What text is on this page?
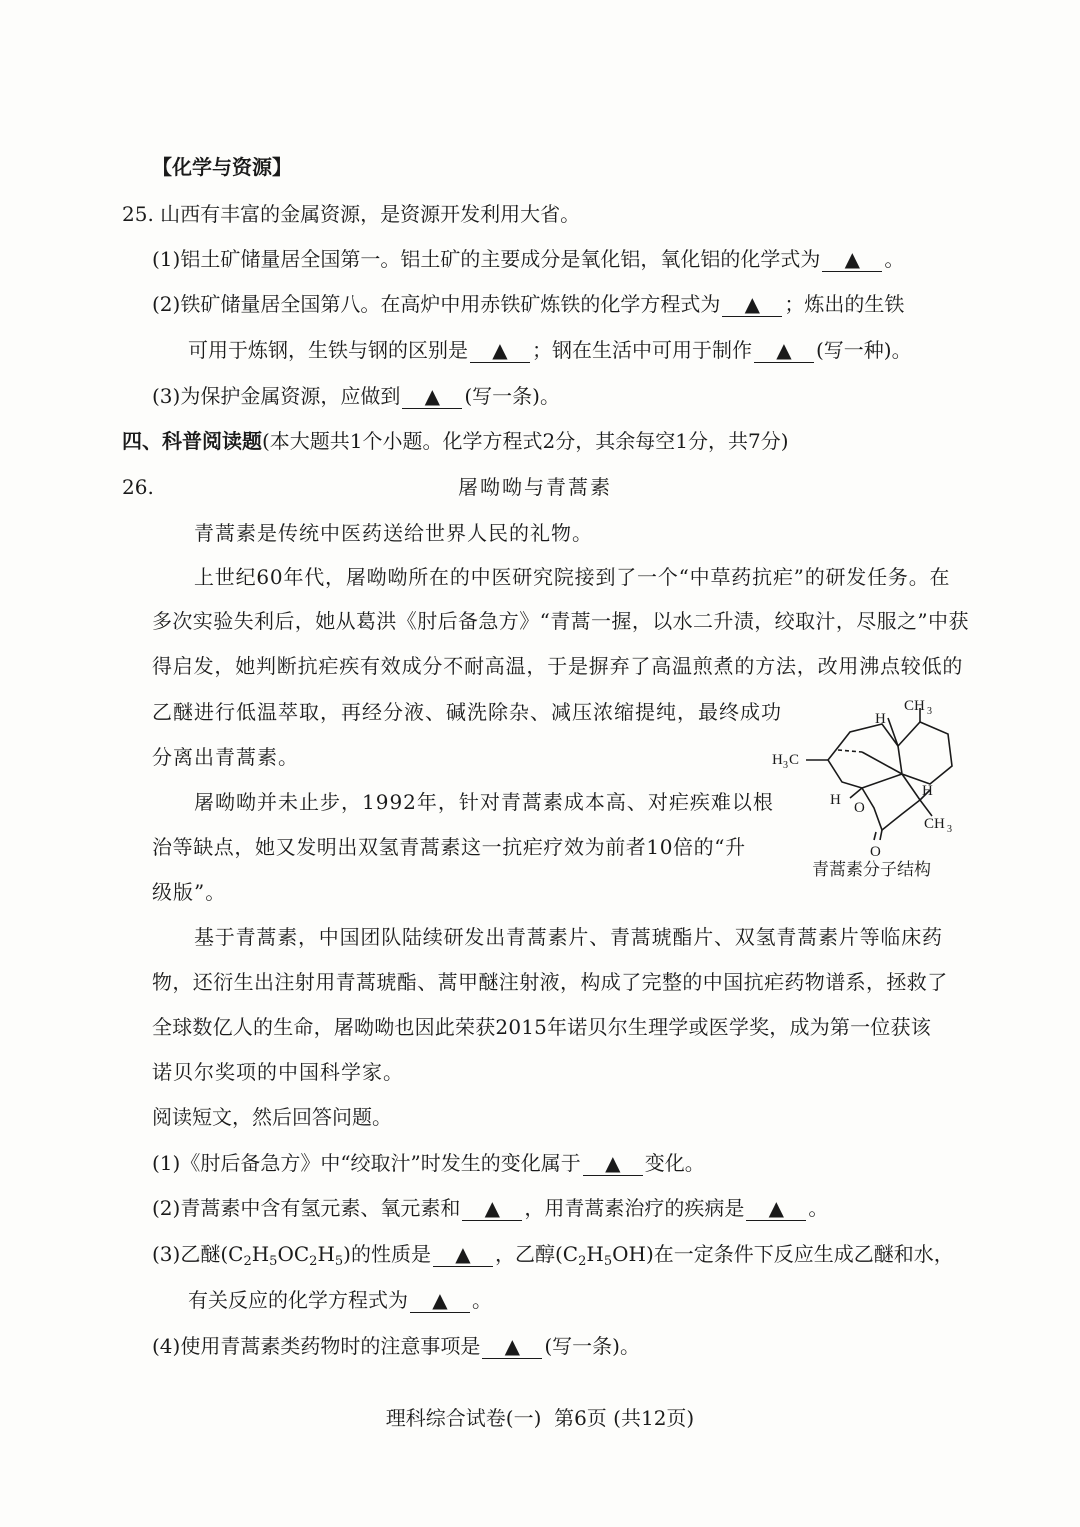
【化学与资源】
25. 山西有丰富的金属资源，是资源开发利用大省。
(1)铝土矿储量居全国第一。铝土矿的主要成分是氧化铝，氧化铝的化学式为 ▲ 。
(2)铁矿储量居全国第八。在高炉中用赤铁矿炼铁的化学方程式为 ▲ ；炼出的生铁
可用于炼钢，生铁与钢的区别是 ▲ ；钢在生活中可用于制作 ▲ (写一种)。
(3)为保护金属资源，应做到 ▲ (写一条)。
四、科普阅读题(本大题共1个小题。化学方程式2分，其余每空1分，共7分)
26.	屠呦呦与青蒿素
青蒿素是传统中医药送给世界人民的礼物。
上世纪60年代，屠呦呦所在的中医研究院接到了一个“中草药抗疟”的研发任务。在
多次实验失利后，她从葛洪《肘后备急方》“青蒿一握，以水二升渍，绞取汁，尽服之”中获
得启发，她判断抗疟疾有效成分不耐高温，于是摒弃了高温煎煮的方法，改用沸点较低的
乙醚进行低温萃取，再经分液、碱洗除杂、减压浓缩提纯，最终成功
分离出青蒿素。
屠呦呦并未止步，1992年，针对青蒿素成本高、对疟疾难以根
治等缺点，她又发明出双氢青蒿素这一抗疟疗效为前者10倍的“升
级版”。
H
CH 3
H 3 C
H
H
CH 3
O
O
青蒿素分子结构
基于青蒿素，中国团队陆续研发出青蒿素片、青蒿琥酯片、双氢青蒿素片等临床药
物，还衍生出注射用青蒿琥酯、蒿甲醚注射液，构成了完整的中国抗疟药物谱系，拯救了
全球数亿人的生命，屠呦呦也因此荣获2015年诺贝尔生理学或医学奖，成为第一位获该
诺贝尔奖项的中国科学家。
阅读短文，然后回答问题。
(1)《肘后备急方》中“绞取汁”时发生的变化属于 ▲ 变化。
(2)青蒿素中含有氢元素、氧元素和 ▲ ，用青蒿素治疗的疾病是 ▲ 。
(3)乙醚$(C_2H_5OC_2H_5)$的性质是 ▲ ，乙醇$(C_2H_5OH)$在一定条件下反应生成乙醚和水，
有关反应的化学方程式为 ▲ 。
(4)使用青蒿素类药物时的注意事项是 ▲ (写一条)。
理科综合试卷(一)  第6页 (共12页)
